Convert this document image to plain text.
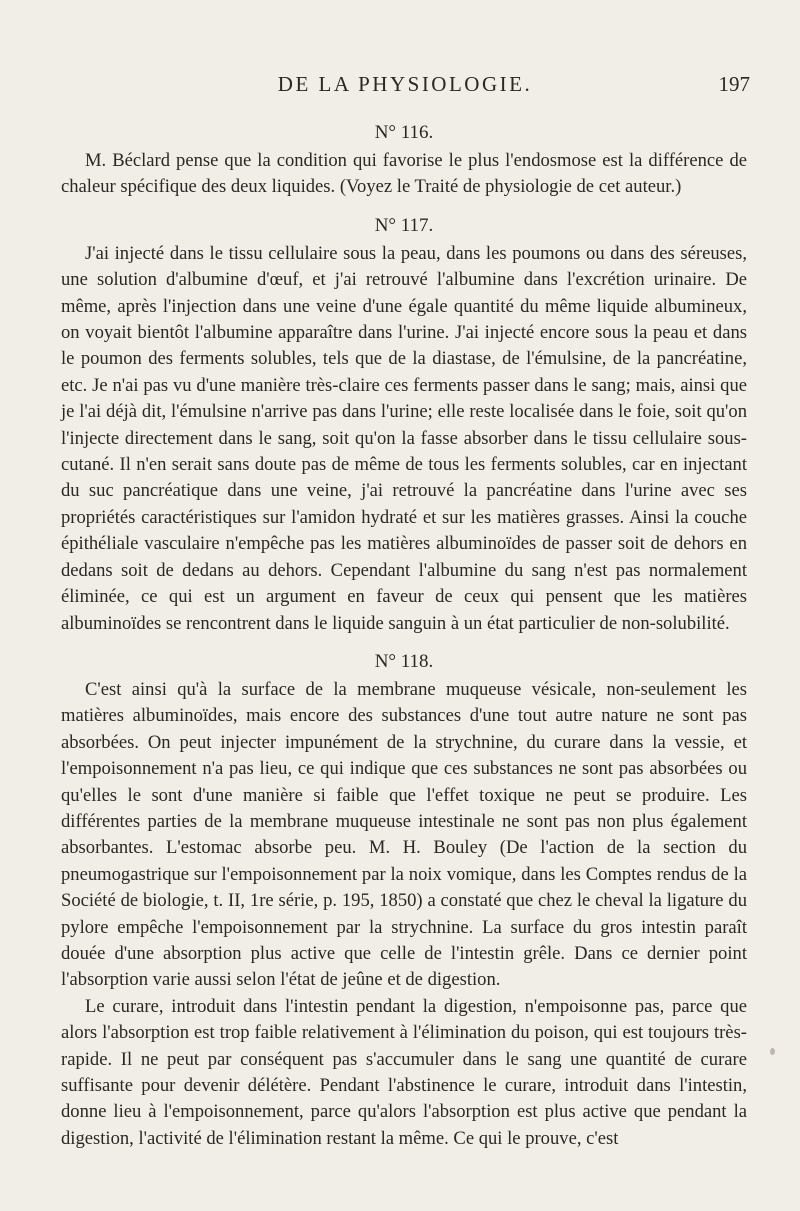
DE LA PHYSIOLOGIE.	197
N° 116.

M. Béclard pense que la condition qui favorise le plus l'endosmose est la différence de chaleur spécifique des deux liquides. (Voyez le Traité de physiologie de cet auteur.)

N° 117.

J'ai injecté dans le tissu cellulaire sous la peau, dans les poumons ou dans des séreuses, une solution d'albumine d'œuf, et j'ai retrouvé l'albumine dans l'excrétion urinaire. De même, après l'injection dans une veine d'une égale quantité du même liquide albumineux, on voyait bientôt l'albumine apparaître dans l'urine. J'ai injecté encore sous la peau et dans le poumon des ferments solubles, tels que de la diastase, de l'émulsine, de la pancréatine, etc. Je n'ai pas vu d'une manière très-claire ces ferments passer dans le sang; mais, ainsi que je l'ai déjà dit, l'émulsine n'arrive pas dans l'urine; elle reste localisée dans le foie, soit qu'on l'injecte directement dans le sang, soit qu'on la fasse absorber dans le tissu cellulaire sous-cutané. Il n'en serait sans doute pas de même de tous les ferments solubles, car en injectant du suc pancréatique dans une veine, j'ai retrouvé la pancréatine dans l'urine avec ses propriétés caractéristiques sur l'amidon hydraté et sur les matières grasses. Ainsi la couche épithéliale vasculaire n'empêche pas les matières albuminoïdes de passer soit de dehors en dedans soit de dedans au dehors. Cependant l'albumine du sang n'est pas normalement éliminée, ce qui est un argument en faveur de ceux qui pensent que les matières albuminoïdes se rencontrent dans le liquide sanguin à un état particulier de non-solubilité.

N° 118.

C'est ainsi qu'à la surface de la membrane muqueuse vésicale, non-seulement les matières albuminoïdes, mais encore des substances d'une tout autre nature ne sont pas absorbées. On peut injecter impunément de la strychnine, du curare dans la vessie, et l'empoisonnement n'a pas lieu, ce qui indique que ces substances ne sont pas absorbées ou qu'elles le sont d'une manière si faible que l'effet toxique ne peut se produire. Les différentes parties de la membrane muqueuse intestinale ne sont pas non plus également absorbantes. L'estomac absorbe peu. M. H. Bouley (De l'action de la section du pneumogastrique sur l'empoisonnement par la noix vomique, dans les Comptes rendus de la Société de biologie, t. II, 1re série, p. 195, 1850) a constaté que chez le cheval la ligature du pylore empêche l'empoisonnement par la strychnine. La surface du gros intestin paraît douée d'une absorption plus active que celle de l'intestin grêle. Dans ce dernier point l'absorption varie aussi selon l'état de jeûne et de digestion.

Le curare, introduit dans l'intestin pendant la digestion, n'empoisonne pas, parce que alors l'absorption est trop faible relativement à l'élimination du poison, qui est toujours très-rapide. Il ne peut par conséquent pas s'accumuler dans le sang une quantité de curare suffisante pour devenir délétère. Pendant l'abstinence le curare, introduit dans l'intestin, donne lieu à l'empoisonnement, parce qu'alors l'absorption est plus active que pendant la digestion, l'activité de l'élimination restant la même. Ce qui le prouve, c'est
